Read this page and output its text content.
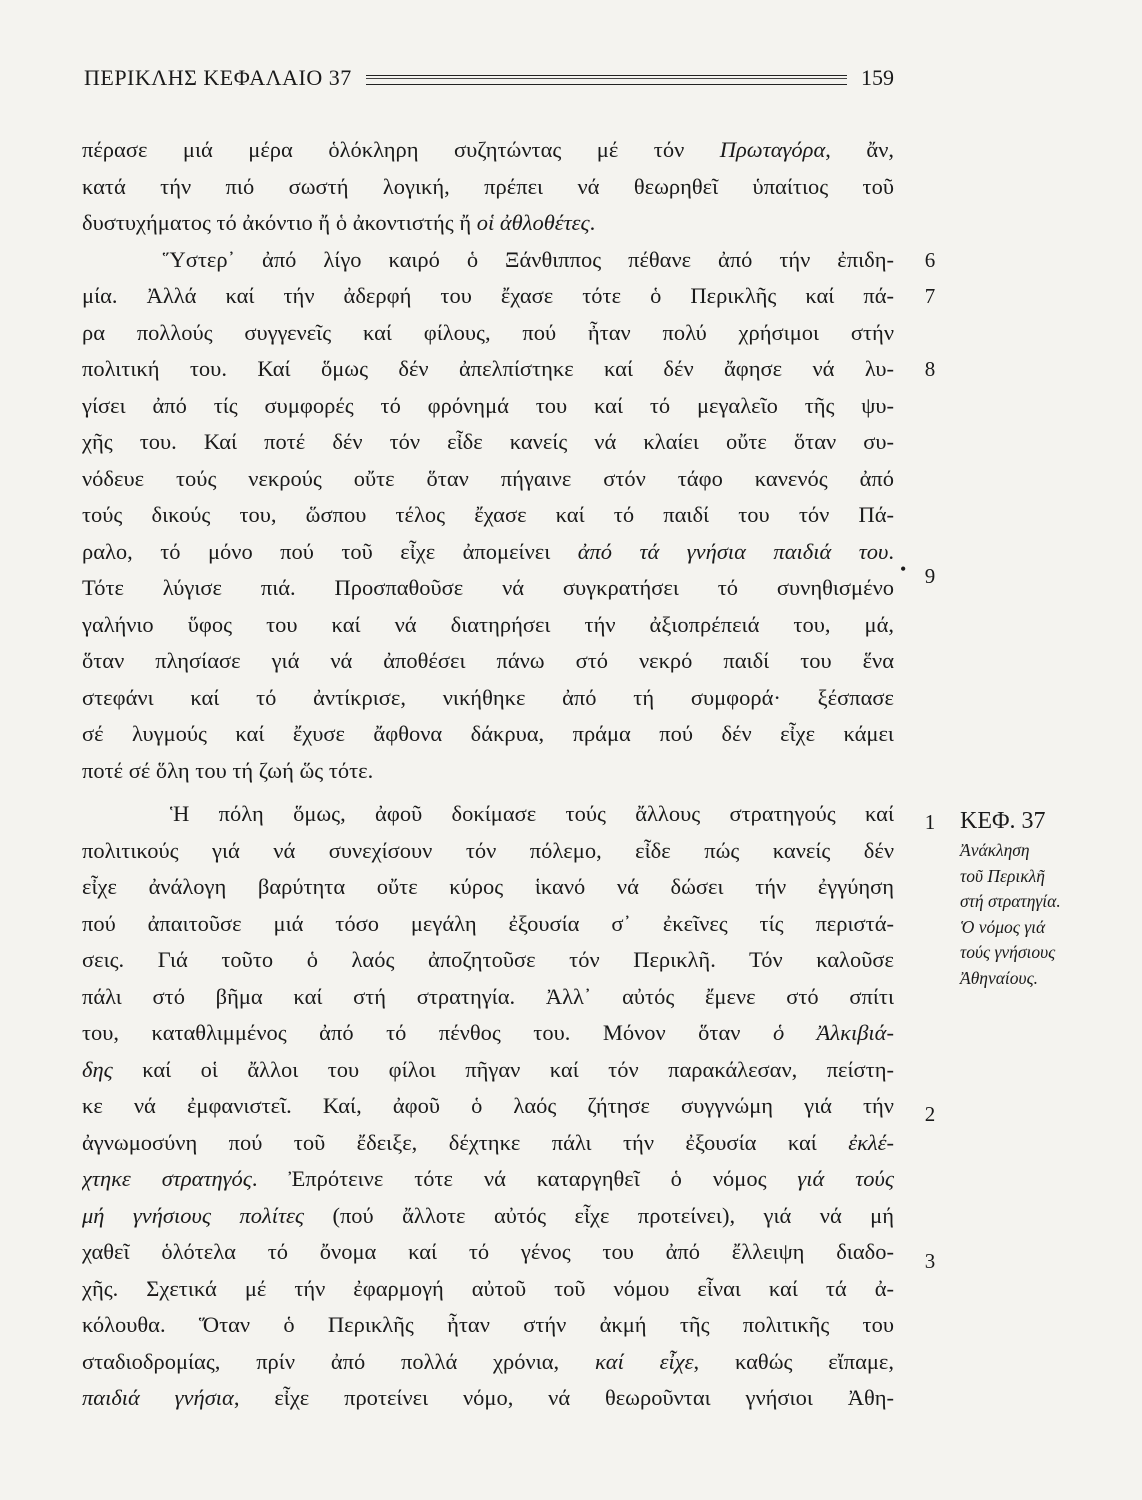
ΠΕΡΙΚΛΗΣ ΚΕΦΑΛΑΙΟ 37	159
πέρασε μιά μέρα ὁλόκληρη συζητώντας μέ τόν Πρωταγόρα, ἄν,
κατά τήν πιό σωστή λογική, πρέπει νά θεωρηθεῖ ὑπαίτιος τοῦ
δυστυχήματος τό ἀκόντιο ἤ ὁ ἀκοντιστής ἤ οἱ ἀθλοθέτες.
Ὕστερ᾽ ἀπό λίγο καιρό ὁ Ξάνθιππος πέθανε ἀπό τήν ἐπιδη-
μία. Ἀλλά καί τήν ἀδερφή του ἔχασε τότε ὁ Περικλῆς καί πά-
ρα πολλούς συγγενεῖς καί φίλους, πού ἦταν πολύ χρήσιμοι στήν
πολιτική του. Καί ὅμως δέν ἀπελπίστηκε καί δέν ἄφησε νά λυ-
γίσει ἀπό τίς συμφορές τό φρόνημά του καί τό μεγαλεῖο τῆς ψυ-
χῆς του. Καί ποτέ δέν τόν εἶδε κανείς νά κλαίει οὔτε ὅταν συ-
νόδευε τούς νεκρούς οὔτε ὅταν πήγαινε στόν τάφο κανενός ἀπό
τούς δικούς του, ὥσπου τέλος ἔχασε καί τό παιδί του τόν Πά-
ραλο, τό μόνο πού τοῦ εἶχε ἀπομείνει ἀπό τά γνήσια παιδιά του.
Τότε λύγισε πιά. Προσπαθοῦσε νά συγκρατήσει τό συνηθισμένο
γαλήνιο ὕφος του καί νά διατηρήσει τήν ἀξιοπρέπειά του, μά,
ὅταν πλησίασε γιά νά ἀποθέσει πάνω στό νεκρό παιδί του ἕνα
στεφάνι καί τό ἀντίκρισε, νικήθηκε ἀπό τή συμφορά· ξέσπασε
σέ λυγμούς καί ἔχυσε ἄφθονα δάκρυα, πράμα πού δέν εἶχε κάμει
ποτέ σέ ὅλη του τή ζωή ὥς τότε.
Ἡ πόλη ὅμως, ἀφοῦ δοκίμασε τούς ἄλλους στρατηγούς καί
πολιτικούς γιά νά συνεχίσουν τόν πόλεμο, εἶδε πώς κανείς δέν
εἶχε ἀνάλογη βαρύτητα οὔτε κύρος ἱκανό νά δώσει τήν ἐγγύηση
πού ἀπαιτοῦσε μιά τόσο μεγάλη ἐξουσία σ᾽ ἐκεῖνες τίς περιστά-
σεις. Γιά τοῦτο ὁ λαός ἀποζητοῦσε τόν Περικλῆ. Τόν καλοῦσε
πάλι στό βῆμα καί στή στρατηγία. Ἀλλ᾽ αὐτός ἔμενε στό σπίτι
του, καταθλιμμένος ἀπό τό πένθος του. Μόνον ὅταν ὁ Ἀλκιβιά-
δης καί οἱ ἄλλοι του φίλοι πῆγαν καί τόν παρακάλεσαν, πείστη-
κε νά ἐμφανιστεῖ. Καί, ἀφοῦ ὁ λαός ζήτησε συγγνώμη γιά τήν
ἀγνωμοσύνη πού τοῦ ἔδειξε, δέχτηκε πάλι τήν ἐξουσία καί ἐκλέ-
χτηκε στρατηγός. Ἐπρότεινε τότε νά καταργηθεῖ ὁ νόμος γιά τούς
μή γνήσιους πολίτες (πού ἄλλοτε αὐτός εἶχε προτείνει), γιά νά μή
χαθεῖ ὁλότελα τό ὄνομα καί τό γένος του ἀπό ἔλλειψη διαδο-
χῆς. Σχετικά μέ τήν ἐφαρμογή αὐτοῦ τοῦ νόμου εἶναι καί τά ἀ-
κόλουθα. Ὅταν ὁ Περικλῆς ἦταν στήν ἀκμή τῆς πολιτικῆς του
σταδιοδρομίας, πρίν ἀπό πολλά χρόνια, καί εἶχε, καθώς εἴπαμε,
παιδιά γνήσια, εἶχε προτείνει νόμο, νά θεωροῦνται γνήσιοι Ἀθη-
6
7
8
• 9
1
2
3
ΚΕΦ. 37
Ἀνάκληση
τοῦ Περικλῆ
στή στρατηγία.
Ὁ νόμος γιά
τούς γνήσιους
Ἀθηναίους.
